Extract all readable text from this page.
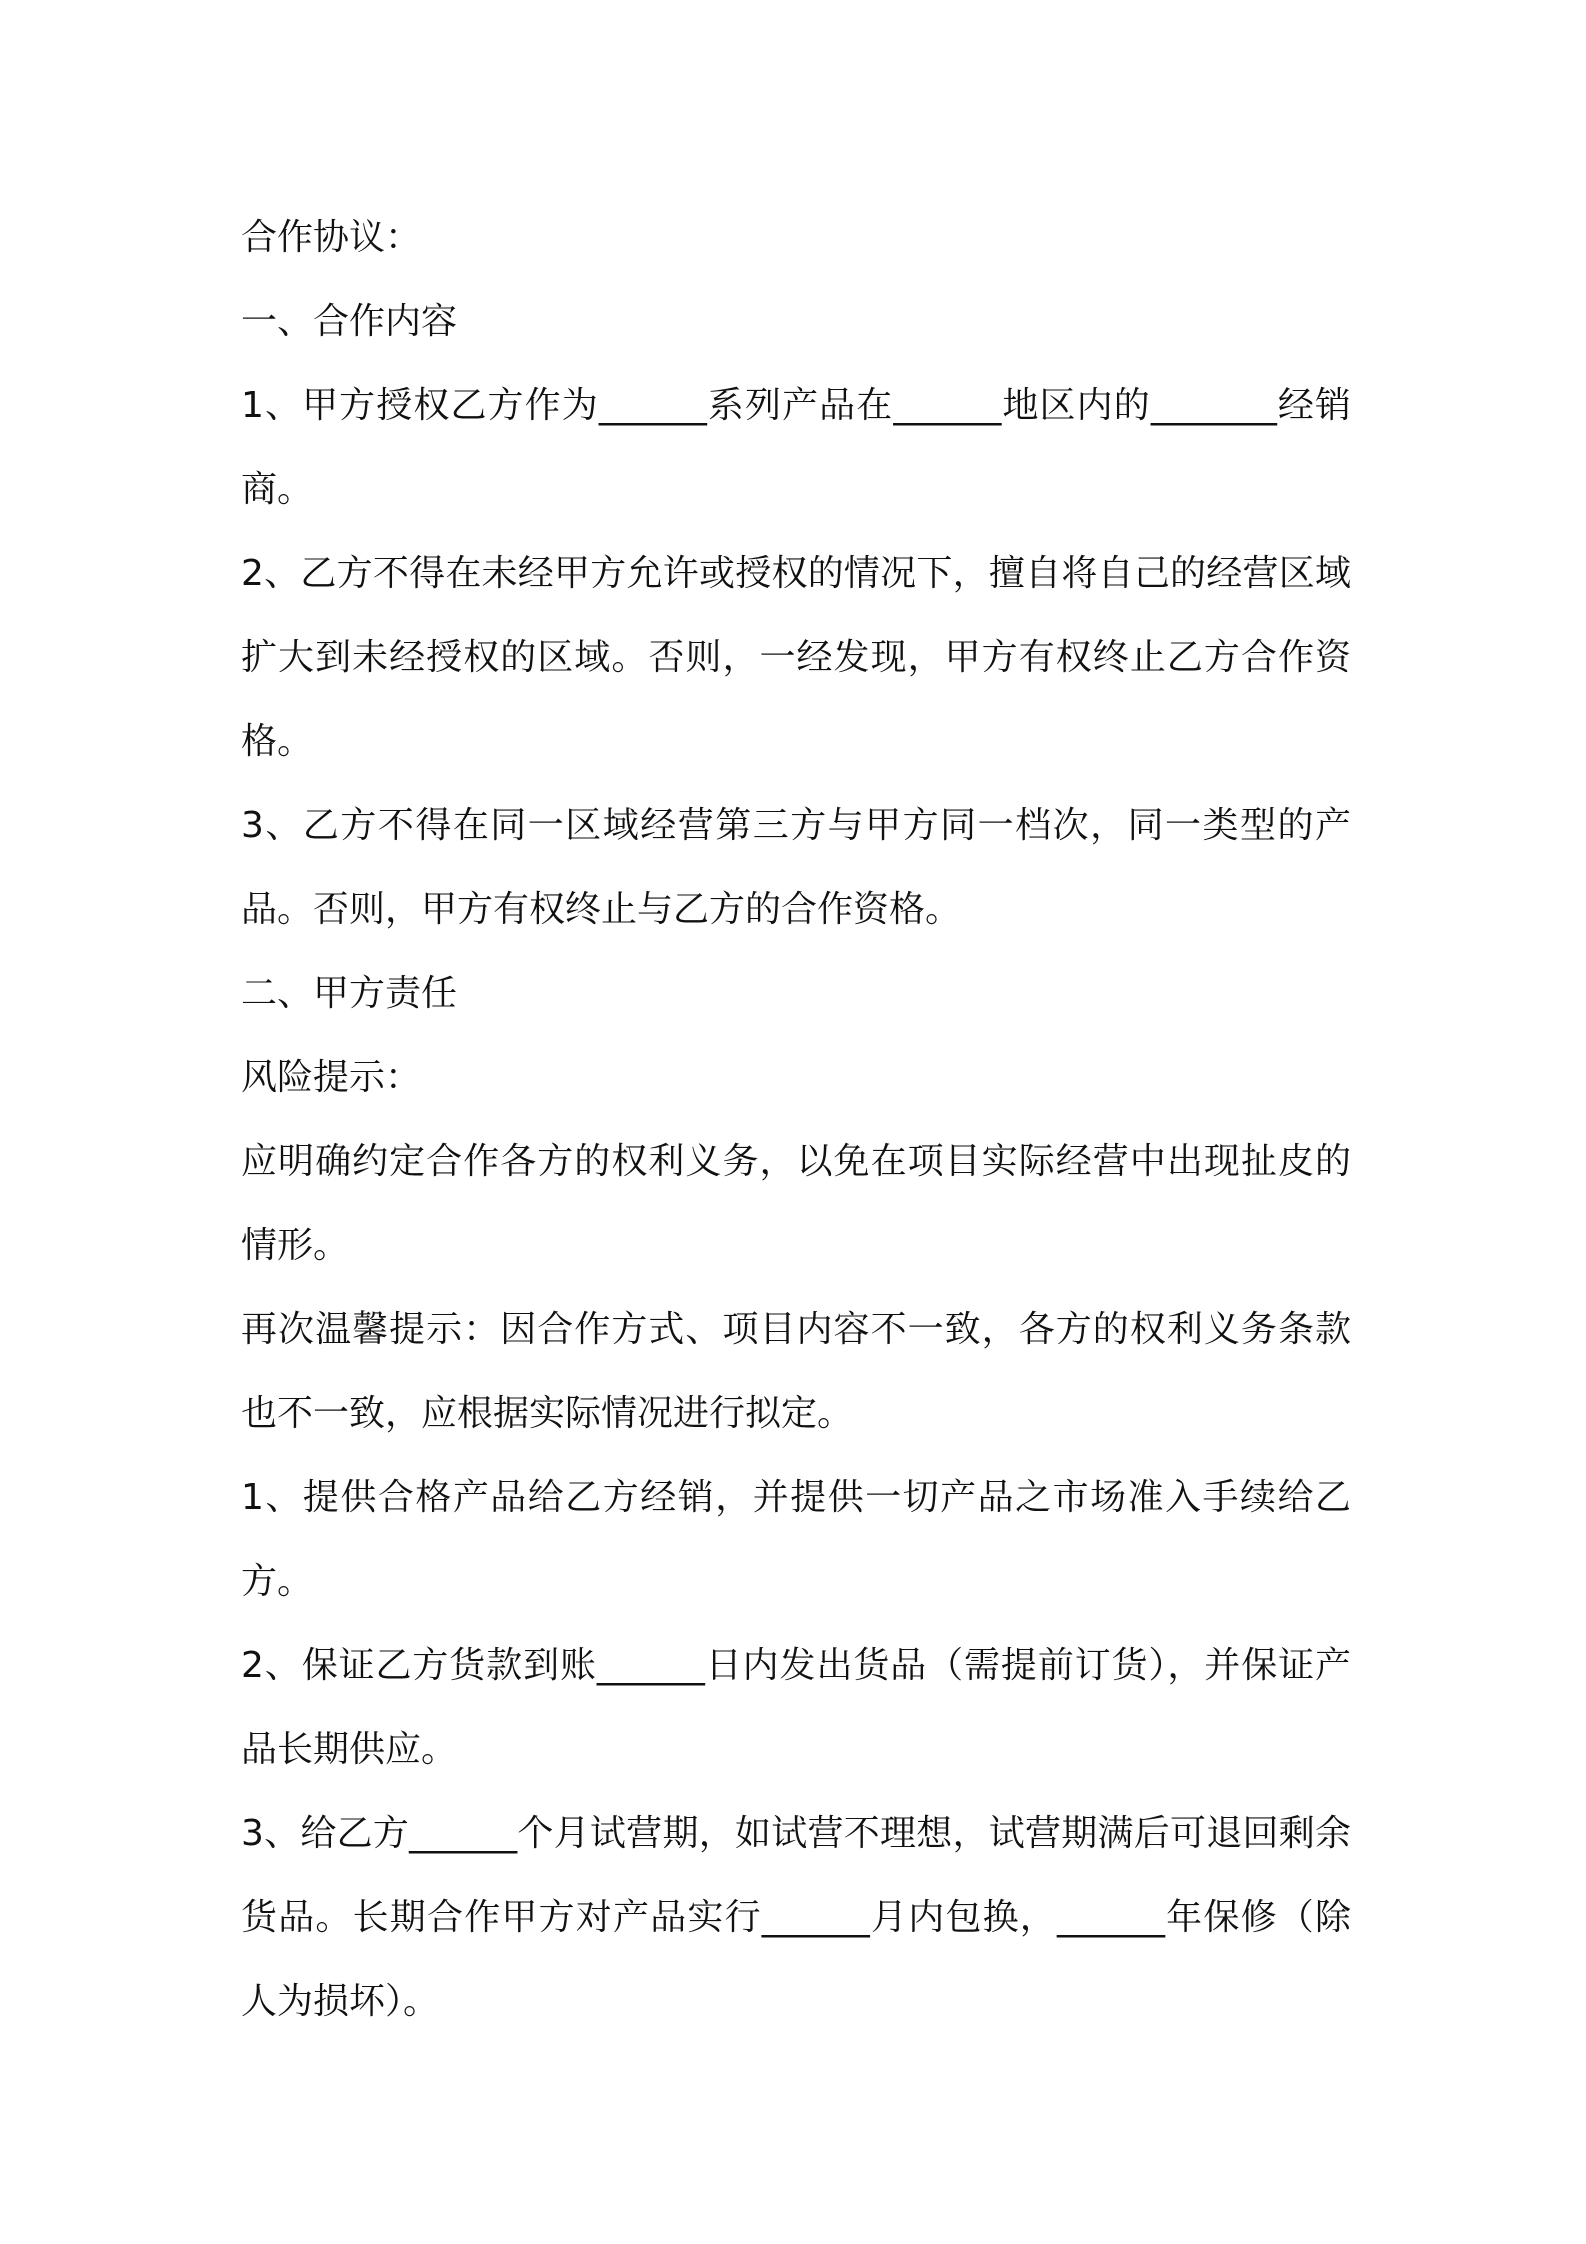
合作协议：

一、合作内容

1、甲方授权乙方作为______系列产品在______地区内的_______经销商。

2、乙方不得在未经甲方允许或授权的情况下，擅自将自己的经营区域扩大到未经授权的区域。否则，一经发现，甲方有权终止乙方合作资格。

3、乙方不得在同一区域经营第三方与甲方同一档次，同一类型的产品。否则，甲方有权终止与乙方的合作资格。

二、甲方责任

风险提示：

应明确约定合作各方的权利义务，以免在项目实际经营中出现扯皮的情形。

再次温馨提示：因合作方式、项目内容不一致，各方的权利义务条款也不一致，应根据实际情况进行拟定。

1、提供合格产品给乙方经销，并提供一切产品之市场准入手续给乙方。

2、保证乙方货款到账______日内发出货品（需提前订货），并保证产品长期供应。

3、给乙方______个月试营期，如试营不理想，试营期满后可退回剩余货品。长期合作甲方对产品实行______月内包换，______年保修（除人为损坏）。
